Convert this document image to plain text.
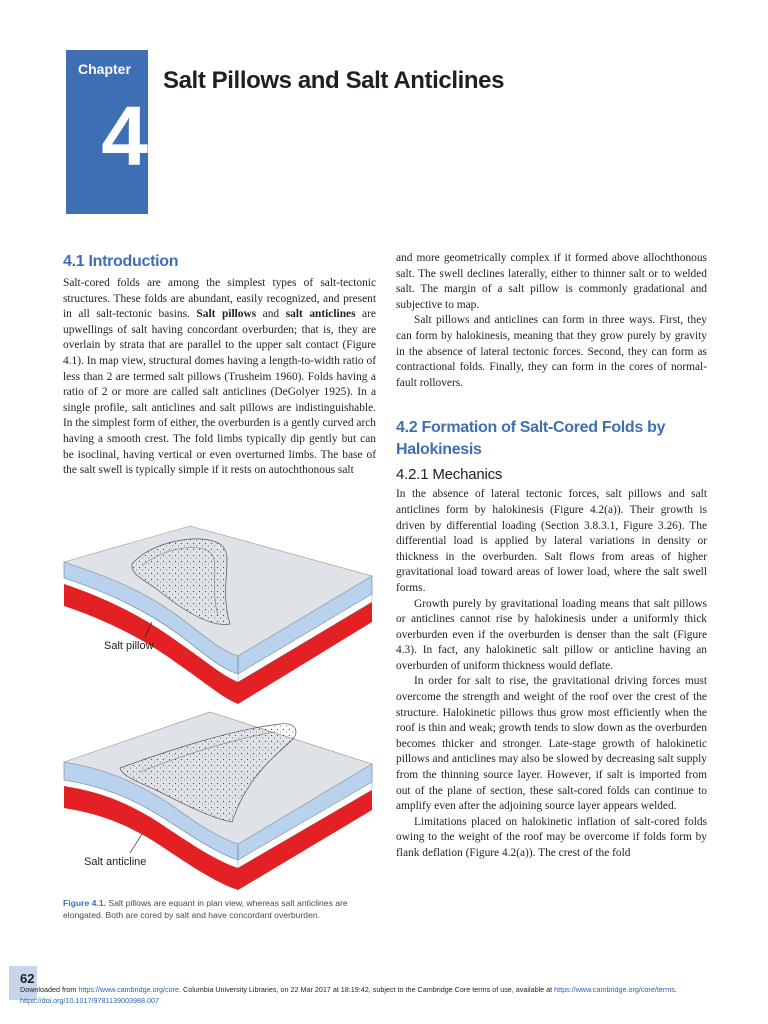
Chapter
4
Salt Pillows and Salt Anticlines
4.1 Introduction

Salt-cored folds are among the simplest types of salt-tectonic structures. These folds are abundant, easily recognized, and present in all salt-tectonic basins. Salt pillows and salt anticlines are upwellings of salt having concordant overburden; that is, they are overlain by strata that are parallel to the upper salt contact (Figure 4.1). In map view, structural domes having a length-to-width ratio of less than 2 are termed salt pillows (Trusheim 1960). Folds having a ratio of 2 or more are called salt anticlines (DeGolyer 1925). In a single profile, salt anticlines and salt pillows are indistinguishable. In the simplest form of either, the overburden is a gently curved arch having a smooth crest. The fold limbs typically dip gently but can be isoclinal, having vertical or even overturned limbs. The base of the salt swell is typically simple if it rests on autochthonous salt

Salt pillow
Salt anticline
Figure 4.1. Salt pillows are equant in plan view, whereas salt anticlines are elongated. Both are cored by salt and have concordant overburden.

and more geometrically complex if it formed above allochthonous salt. The swell declines laterally, either to thinner salt or to welded salt. The margin of a salt pillow is commonly gradational and subjective to map.

Salt pillows and anticlines can form in three ways. First, they can form by halokinesis, meaning that they grow purely by gravity in the absence of lateral tectonic forces. Second, they can form as contractional folds. Finally, they can form in the cores of normal-fault rollovers.

4.2 Formation of Salt-Cored Folds by Halokinesis
4.2.1 Mechanics

In the absence of lateral tectonic forces, salt pillows and salt anticlines form by halokinesis (Figure 4.2(a)). Their growth is driven by differential loading (Section 3.8.3.1, Figure 3.26). The differential load is applied by lateral variations in density or thickness in the overburden. Salt flows from areas of higher gravitational load toward areas of lower load, where the salt swell forms.

Growth purely by gravitational loading means that salt pillows or anticlines cannot rise by halokinesis under a uniformly thick overburden even if the overburden is denser than the salt (Figure 4.3). In fact, any halokinetic salt pillow or anticline having an overburden of uniform thickness would deflate.

In order for salt to rise, the gravitational driving forces must overcome the strength and weight of the roof over the crest of the structure. Halokinetic pillows thus grow most efficiently when the roof is thin and weak; growth tends to slow down as the overburden becomes thicker and stronger. Late-stage growth of halokinetic pillows and anticlines may also be slowed by decreasing salt supply from the thinning source layer. However, if salt is imported from out of the plane of section, these salt-cored folds can continue to amplify even after the adjoining source layer appears welded.

Limitations placed on halokinetic inflation of salt-cored folds owing to the weight of the roof may be overcome if folds form by flank deflation (Figure 4.2(a)). The crest of the fold

62
Downloaded from https://www.cambridge.org/core. Columbia University Libraries, on 22 Mar 2017 at 18:19:42, subject to the Cambridge Core terms of use, available at https://www.cambridge.org/core/terms.
https://doi.org/10.1017/9781139003988.007
